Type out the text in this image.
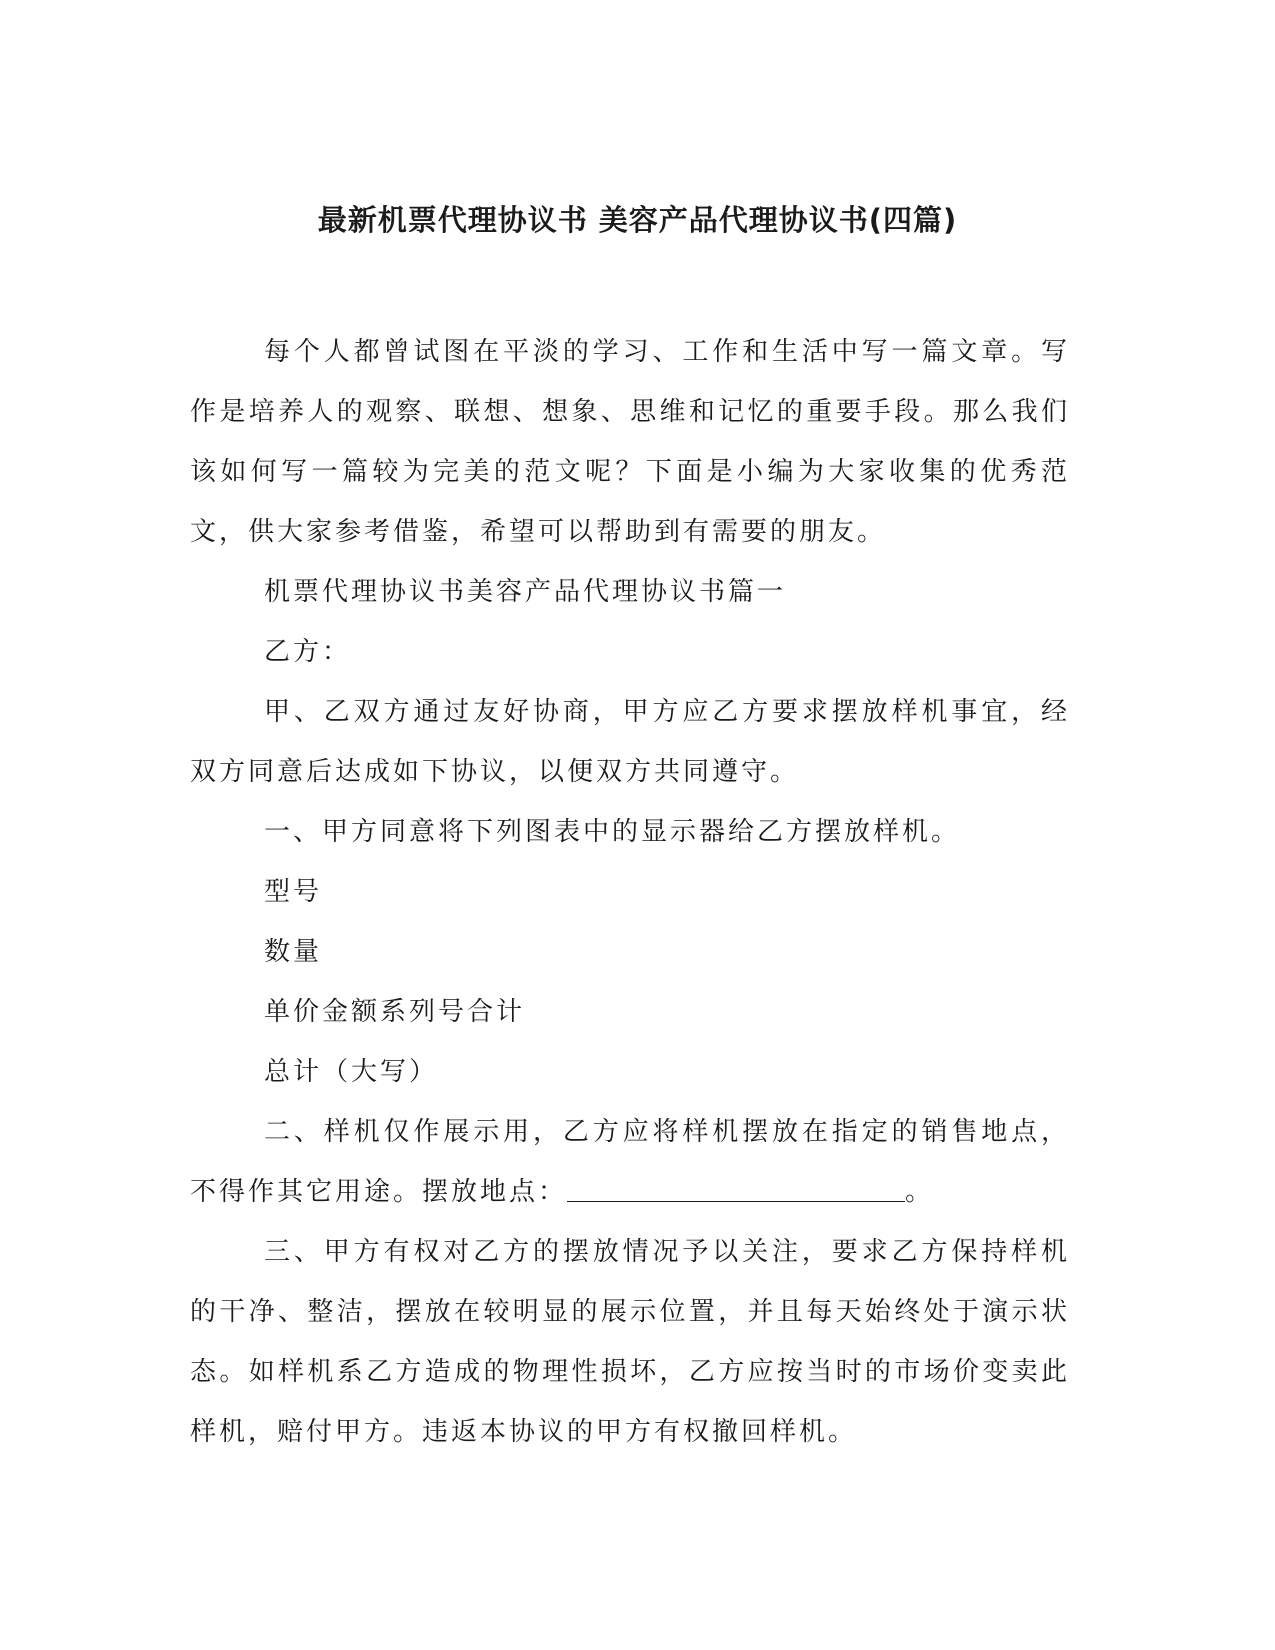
最新机票代理协议书 美容产品代理协议书(四篇)

每个人都曾试图在平淡的学习、工作和生活中写一篇文章。写作是培养人的观察、联想、想象、思维和记忆的重要手段。那么我们该如何写一篇较为完美的范文呢？下面是小编为大家收集的优秀范文，供大家参考借鉴，希望可以帮助到有需要的朋友。

机票代理协议书美容产品代理协议书篇一

乙方：

甲、乙双方通过友好协商，甲方应乙方要求摆放样机事宜，经双方同意后达成如下协议，以便双方共同遵守。

一、甲方同意将下列图表中的显示器给乙方摆放样机。

型号

数量

单价金额系列号合计

总计（大写）

二、样机仅作展示用，乙方应将样机摆放在指定的销售地点，不得作其它用途。摆放地点：	。

三、甲方有权对乙方的摆放情况予以关注，要求乙方保持样机的干净、整洁，摆放在较明显的展示位置，并且每天始终处于演示状态。如样机系乙方造成的物理性损坏，乙方应按当时的市场价变卖此样机，赔付甲方。违返本协议的甲方有权撤回样机。
